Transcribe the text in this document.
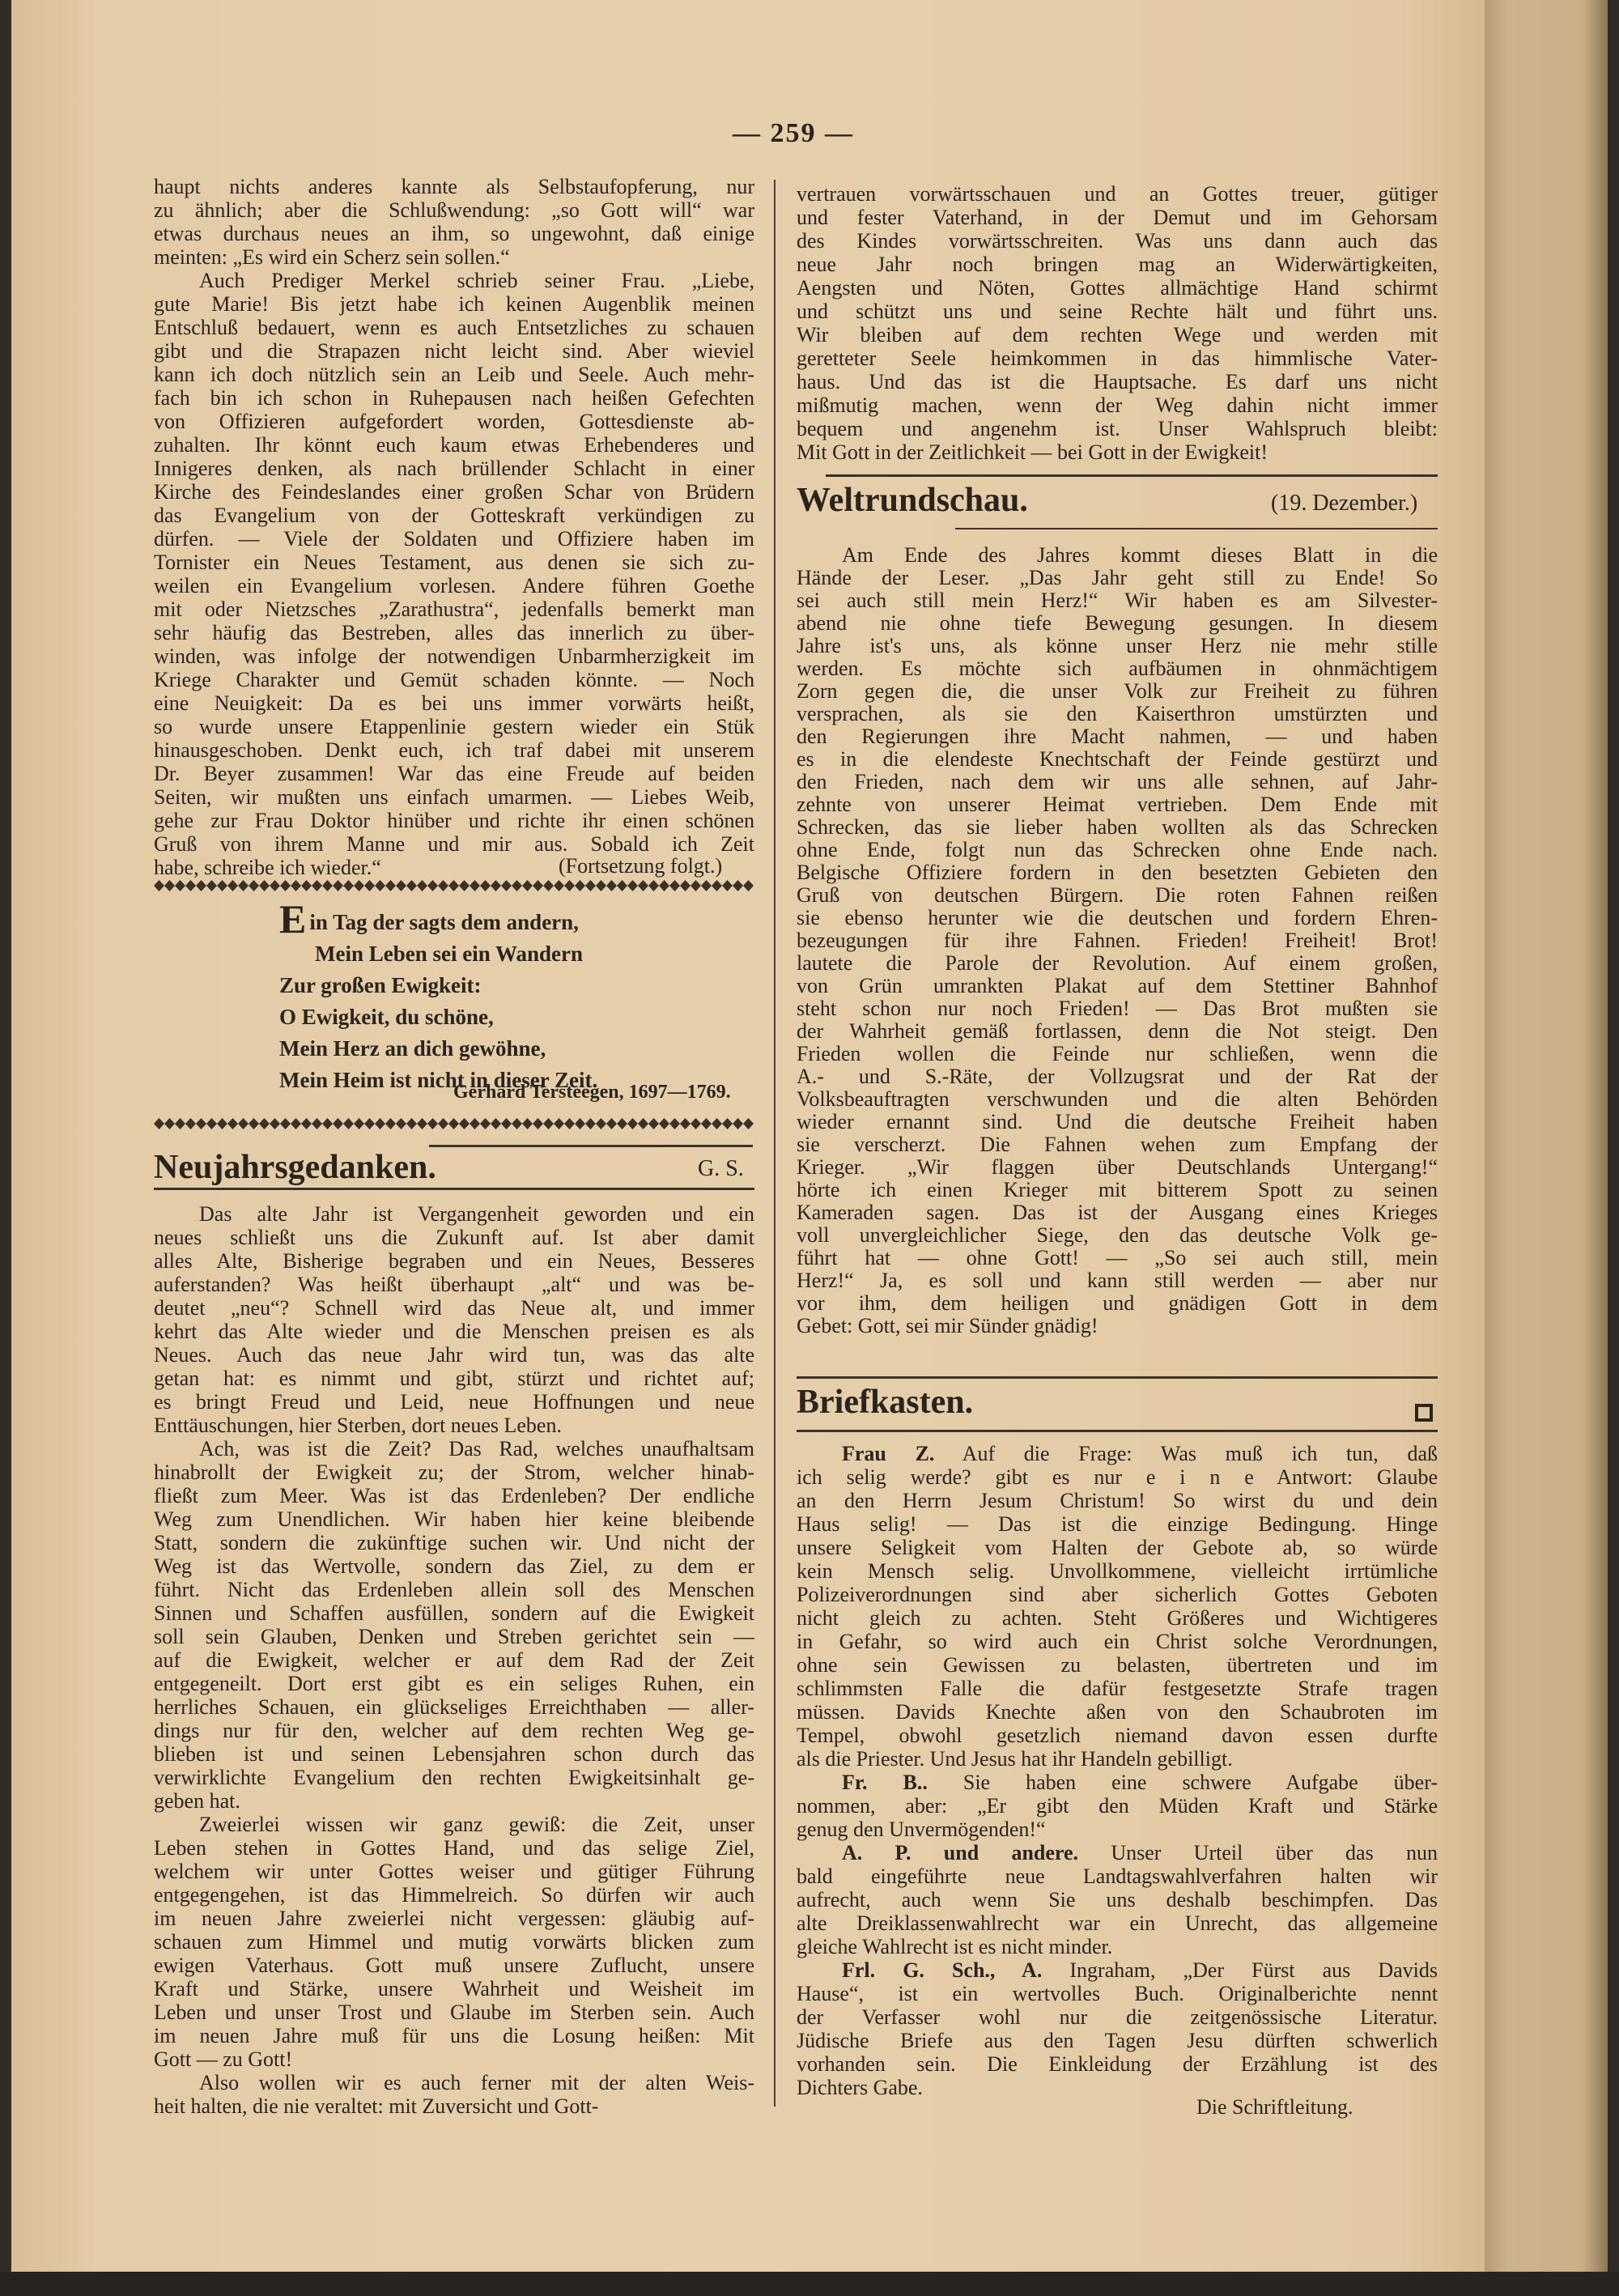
— 259 —
haupt nichts anderes kannte als Selbstaufopferung, nur
zu ähnlich; aber die Schlußwendung: „so Gott will“ war
etwas durchaus neues an ihm, so ungewohnt, daß einige
meinten: „Es wird ein Scherz sein sollen.“
Auch Prediger Merkel schrieb seiner Frau. „Liebe,
gute Marie! Bis jetzt habe ich keinen Augenblik meinen
Entschluß bedauert, wenn es auch Entsetzliches zu schauen
gibt und die Strapazen nicht leicht sind. Aber wieviel
kann ich doch nützlich sein an Leib und Seele. Auch mehr-
fach bin ich schon in Ruhepausen nach heißen Gefechten
von Offizieren aufgefordert worden, Gottesdienste ab-
zuhalten. Ihr könnt euch kaum etwas Erhebenderes und
Innigeres denken, als nach brüllender Schlacht in einer
Kirche des Feindeslandes einer großen Schar von Brüdern
das Evangelium von der Gotteskraft verkündigen zu
dürfen. — Viele der Soldaten und Offiziere haben im
Tornister ein Neues Testament, aus denen sie sich zu-
weilen ein Evangelium vorlesen. Andere führen Goethe
mit oder Nietzsches „Zarathustra“, jedenfalls bemerkt man
sehr häufig das Bestreben, alles das innerlich zu über-
winden, was infolge der notwendigen Unbarmherzigkeit im
Kriege Charakter und Gemüt schaden könnte. — Noch
eine Neuigkeit: Da es bei uns immer vorwärts heißt,
so wurde unsere Etappenlinie gestern wieder ein Stük
hinausgeschoben. Denkt euch, ich traf dabei mit unserem
Dr. Beyer zusammen! War das eine Freude auf beiden
Seiten, wir mußten uns einfach umarmen. — Liebes Weib,
gehe zur Frau Doktor hinüber und richte ihr einen schönen
Gruß von ihrem Manne und mir aus. Sobald ich Zeit
habe, schreibe ich wieder.“	(Fortsetzung folgt.)
E in Tag der sagts dem andern,
Mein Leben sei ein Wandern
Zur großen Ewigkeit:
O Ewigkeit, du schöne,
Mein Herz an dich gewöhne,
Mein Heim ist nicht in dieser Zeit.
Gerhard Tersteegen, 1697—1769.
Neujahrsgedanken.	G. S.
Das alte Jahr ist Vergangenheit geworden und ein
neues schließt uns die Zukunft auf. Ist aber damit
alles Alte, Bisherige begraben und ein Neues, Besseres
auferstanden? Was heißt überhaupt „alt“ und was be-
deutet „neu“? Schnell wird das Neue alt, und immer
kehrt das Alte wieder und die Menschen preisen es als
Neues. Auch das neue Jahr wird tun, was das alte
getan hat: es nimmt und gibt, stürzt und richtet auf;
es bringt Freud und Leid, neue Hoffnungen und neue
Enttäuschungen, hier Sterben, dort neues Leben.
Ach, was ist die Zeit? Das Rad, welches unaufhaltsam
hinabrollt der Ewigkeit zu; der Strom, welcher hinab-
fließt zum Meer. Was ist das Erdenleben? Der endliche
Weg zum Unendlichen. Wir haben hier keine bleibende
Statt, sondern die zukünftige suchen wir. Und nicht der
Weg ist das Wertvolle, sondern das Ziel, zu dem er
führt. Nicht das Erdenleben allein soll des Menschen
Sinnen und Schaffen ausfüllen, sondern auf die Ewigkeit
soll sein Glauben, Denken und Streben gerichtet sein —
auf die Ewigkeit, welcher er auf dem Rad der Zeit
entgegeneilt. Dort erst gibt es ein seliges Ruhen, ein
herrliches Schauen, ein glückseliges Erreichthaben — aller-
dings nur für den, welcher auf dem rechten Weg ge-
blieben ist und seinen Lebensjahren schon durch das
verwirklichte Evangelium den rechten Ewigkeitsinhalt ge-
geben hat.
Zweierlei wissen wir ganz gewiß: die Zeit, unser
Leben stehen in Gottes Hand, und das selige Ziel,
welchem wir unter Gottes weiser und gütiger Führung
entgegengehen, ist das Himmelreich. So dürfen wir auch
im neuen Jahre zweierlei nicht vergessen: gläubig auf-
schauen zum Himmel und mutig vorwärts blicken zum
ewigen Vaterhaus. Gott muß unsere Zuflucht, unsere
Kraft und Stärke, unsere Wahrheit und Weisheit im
Leben und unser Trost und Glaube im Sterben sein. Auch
im neuen Jahre muß für uns die Losung heißen: Mit
Gott — zu Gott!
Also wollen wir es auch ferner mit der alten Weis-
heit halten, die nie veraltet: mit Zuversicht und Gott-
vertrauen vorwärtsschauen und an Gottes treuer, gütiger
und fester Vaterhand, in der Demut und im Gehorsam
des Kindes vorwärtsschreiten. Was uns dann auch das
neue Jahr noch bringen mag an Widerwärtigkeiten,
Aengsten und Nöten, Gottes allmächtige Hand schirmt
und schützt uns und seine Rechte hält und führt uns.
Wir bleiben auf dem rechten Wege und werden mit
geretteter Seele heimkommen in das himmlische Vater-
haus. Und das ist die Hauptsache. Es darf uns nicht
mißmutig machen, wenn der Weg dahin nicht immer
bequem und angenehm ist. Unser Wahlspruch bleibt:
Mit Gott in der Zeitlichkeit — bei Gott in der Ewigkeit!
Weltrundschau.	(19. Dezember.)
Am Ende des Jahres kommt dieses Blatt in die
Hände der Leser. „Das Jahr geht still zu Ende! So
sei auch still mein Herz!“ Wir haben es am Silvester-
abend nie ohne tiefe Bewegung gesungen. In diesem
Jahre ist's uns, als könne unser Herz nie mehr stille
werden. Es möchte sich aufbäumen in ohnmächtigem
Zorn gegen die, die unser Volk zur Freiheit zu führen
versprachen, als sie den Kaiserthron umstürzten und
den Regierungen ihre Macht nahmen, — und haben
es in die elendeste Knechtschaft der Feinde gestürzt und
den Frieden, nach dem wir uns alle sehnen, auf Jahr-
zehnte von unserer Heimat vertrieben. Dem Ende mit
Schrecken, das sie lieber haben wollten als das Schrecken
ohne Ende, folgt nun das Schrecken ohne Ende nach.
Belgische Offiziere fordern in den besetzten Gebieten den
Gruß von deutschen Bürgern. Die roten Fahnen reißen
sie ebenso herunter wie die deutschen und fordern Ehren-
bezeugungen für ihre Fahnen. Frieden! Freiheit! Brot!
lautete die Parole der Revolution. Auf einem großen,
von Grün umrankten Plakat auf dem Stettiner Bahnhof
steht schon nur noch Frieden! — Das Brot mußten sie
der Wahrheit gemäß fortlassen, denn die Not steigt. Den
Frieden wollen die Feinde nur schließen, wenn die
A.- und S.-Räte, der Vollzugsrat und der Rat der
Volksbeauftragten verschwunden und die alten Behörden
wieder ernannt sind. Und die deutsche Freiheit haben
sie verscherzt. Die Fahnen wehen zum Empfang der
Krieger. „Wir flaggen über Deutschlands Untergang!“
hörte ich einen Krieger mit bitterem Spott zu seinen
Kameraden sagen. Das ist der Ausgang eines Krieges
voll unvergleichlicher Siege, den das deutsche Volk ge-
führt hat — ohne Gott! — „So sei auch still, mein
Herz!“ Ja, es soll und kann still werden — aber nur
vor ihm, dem heiligen und gnädigen Gott in dem
Gebet: Gott, sei mir Sünder gnädig!
Briefkasten.
Frau Z. Auf die Frage: Was muß ich tun, daß
ich selig werde? gibt es nur e i n e Antwort: Glaube
an den Herrn Jesum Christum! So wirst du und dein
Haus selig! — Das ist die einzige Bedingung. Hinge
unsere Seligkeit vom Halten der Gebote ab, so würde
kein Mensch selig. Unvollkommene, vielleicht irrtümliche
Polizeiverordnungen sind aber sicherlich Gottes Geboten
nicht gleich zu achten. Steht Größeres und Wichtigeres
in Gefahr, so wird auch ein Christ solche Verordnungen,
ohne sein Gewissen zu belasten, übertreten und im
schlimmsten Falle die dafür festgesetzte Strafe tragen
müssen. Davids Knechte aßen von den Schaubroten im
Tempel, obwohl gesetzlich niemand davon essen durfte
als die Priester. Und Jesus hat ihr Handeln gebilligt.
Fr. B.. Sie haben eine schwere Aufgabe über-
nommen, aber: „Er gibt den Müden Kraft und Stärke
genug den Unvermögenden!“
A. P. und andere. Unser Urteil über das nun
bald eingeführte neue Landtagswahlverfahren halten wir
aufrecht, auch wenn Sie uns deshalb beschimpfen. Das
alte Dreiklassenwahlrecht war ein Unrecht, das allgemeine
gleiche Wahlrecht ist es nicht minder.
Frl. G. Sch., A. Ingraham, „Der Fürst aus Davids
Hause“, ist ein wertvolles Buch. Originalberichte nennt
der Verfasser wohl nur die zeitgenössische Literatur.
Jüdische Briefe aus den Tagen Jesu dürften schwerlich
vorhanden sein. Die Einkleidung der Erzählung ist des
Dichters Gabe.
Die Schriftleitung.
